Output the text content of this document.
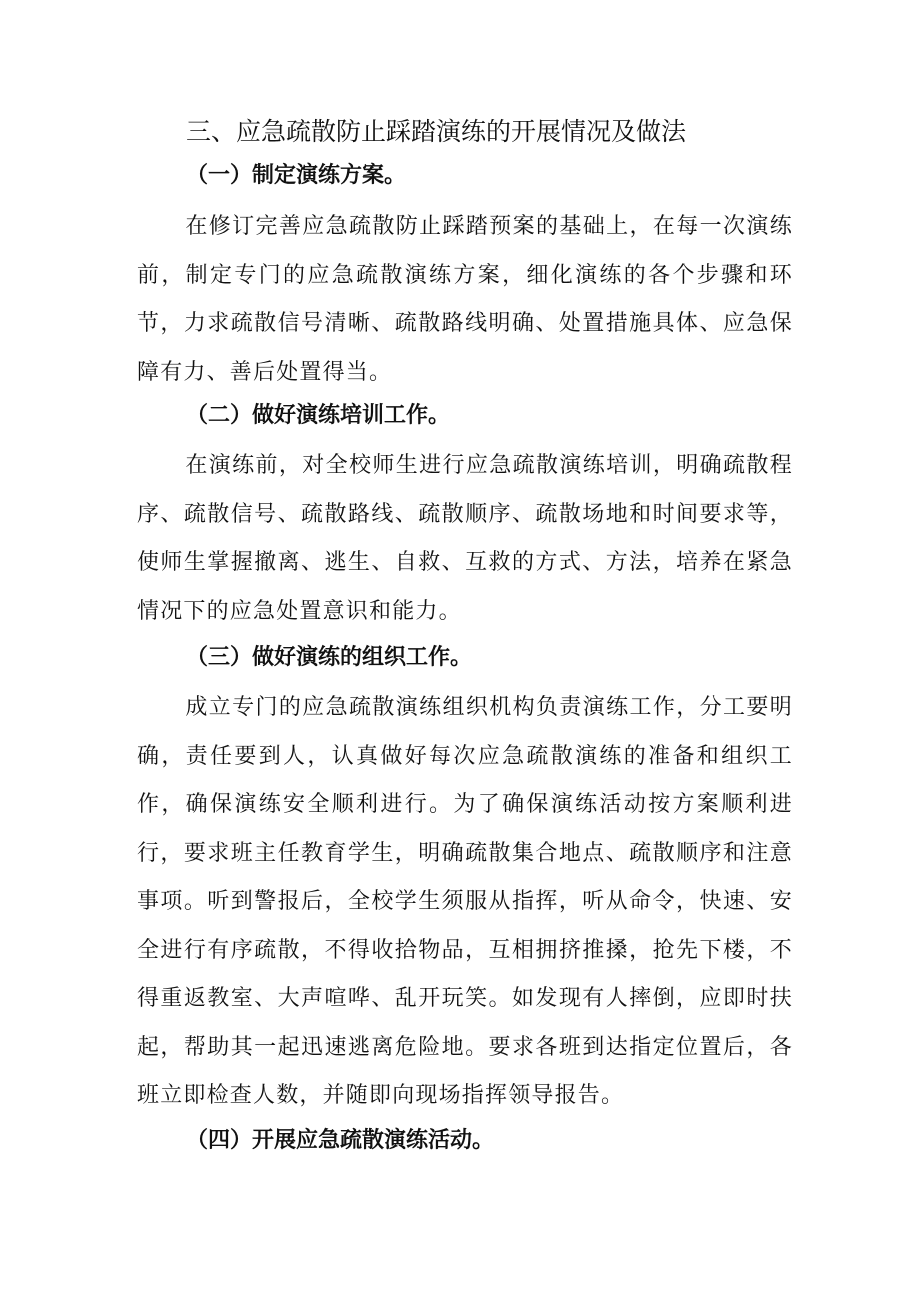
三、应急疏散防止踩踏演练的开展情况及做法
（一）制定演练方案。

在修订完善应急疏散防止踩踏预案的基础上，在每一次演练前，制定专门的应急疏散演练方案，细化演练的各个步骤和环节，力求疏散信号清晰、疏散路线明确、处置措施具体、应急保障有力、善后处置得当。

（二）做好演练培训工作。

在演练前，对全校师生进行应急疏散演练培训，明确疏散程序、疏散信号、疏散路线、疏散顺序、疏散场地和时间要求等，使师生掌握撤离、逃生、自救、互救的方式、方法，培养在紧急情况下的应急处置意识和能力。

（三）做好演练的组织工作。

成立专门的应急疏散演练组织机构负责演练工作，分工要明确，责任要到人，认真做好每次应急疏散演练的准备和组织工作，确保演练安全顺利进行。为了确保演练活动按方案顺利进行，要求班主任教育学生，明确疏散集合地点、疏散顺序和注意事项。听到警报后，全校学生须服从指挥，听从命令，快速、安全进行有序疏散，不得收拾物品，互相拥挤推搡，抢先下楼，不得重返教室、大声喧哗、乱开玩笑。如发现有人摔倒，应即时扶起，帮助其一起迅速逃离危险地。要求各班到达指定位置后，各班立即检查人数，并随即向现场指挥领导报告。

（四）开展应急疏散演练活动。
